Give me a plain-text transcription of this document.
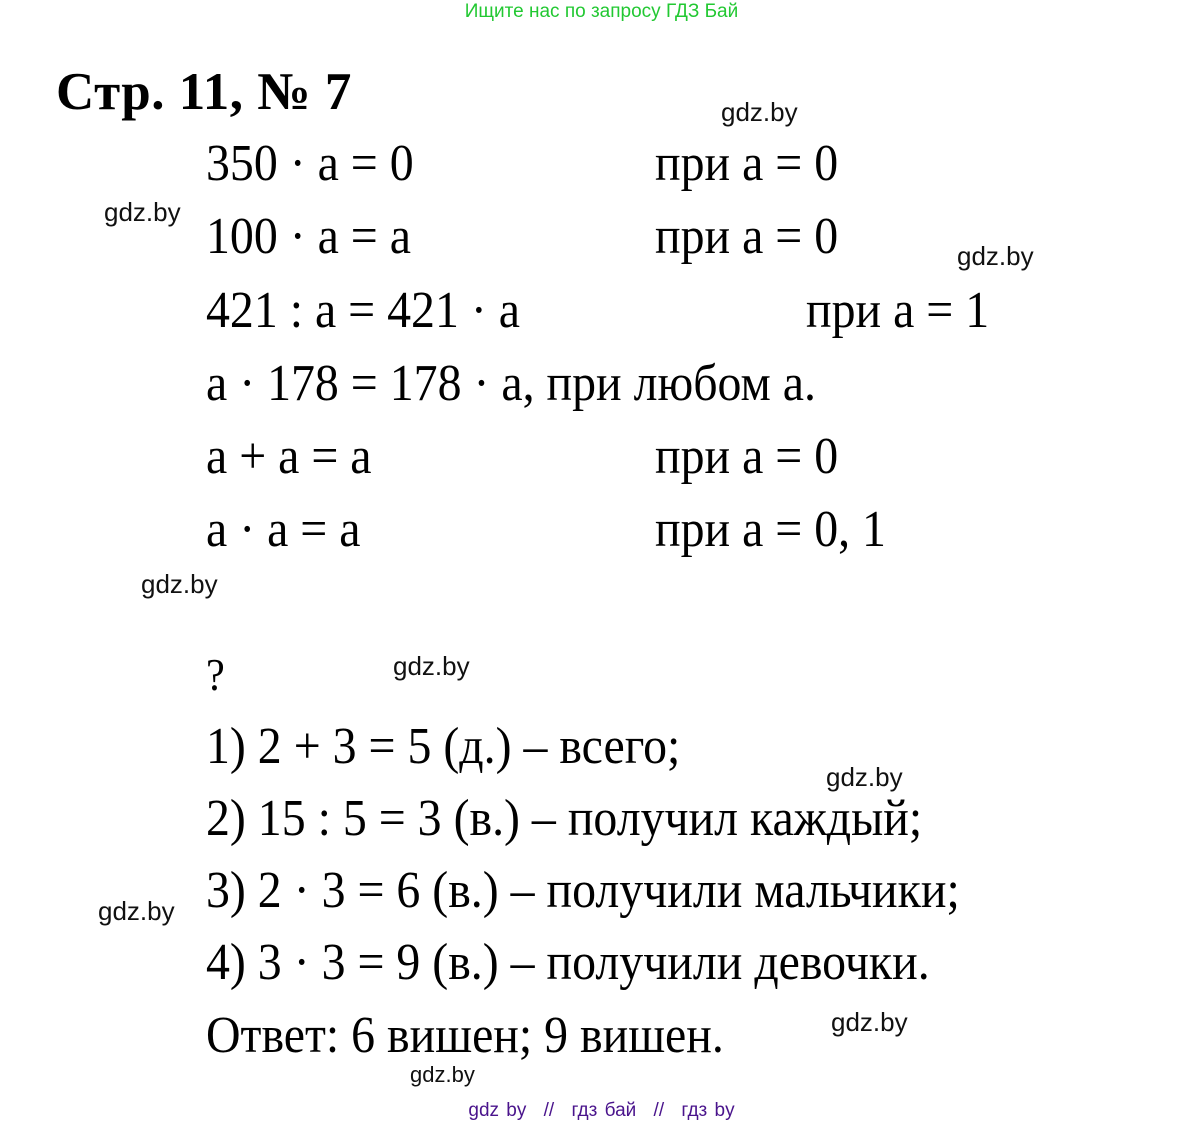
Ищите нас по запросу ГДЗ Бай
Стр. 11, № 7	gdz.by
gdz.by
gdz.by
gdz.by
gdz.by
gdz.by
gdz.by
gdz.by
gdz.by
350 · a = 0	при a = 0
100 · a = a	при a = 0
421 : a = 421 · a	при a = 1
a · 178 = 178 · a, при любом a.
a + a = a	при a = 0
a · a = a	при a = 0, 1
?
1) 2 + 3 = 5 (д.) – всего;
2) 15 : 5 = 3 (в.) – получил каждый;
3) 2 · 3 = 6 (в.) – получили мальчики;
4) 3 · 3 = 9 (в.) – получили девочки.
Ответ: 6 вишен; 9 вишен.
gdz by // гдз бай // гдз by
